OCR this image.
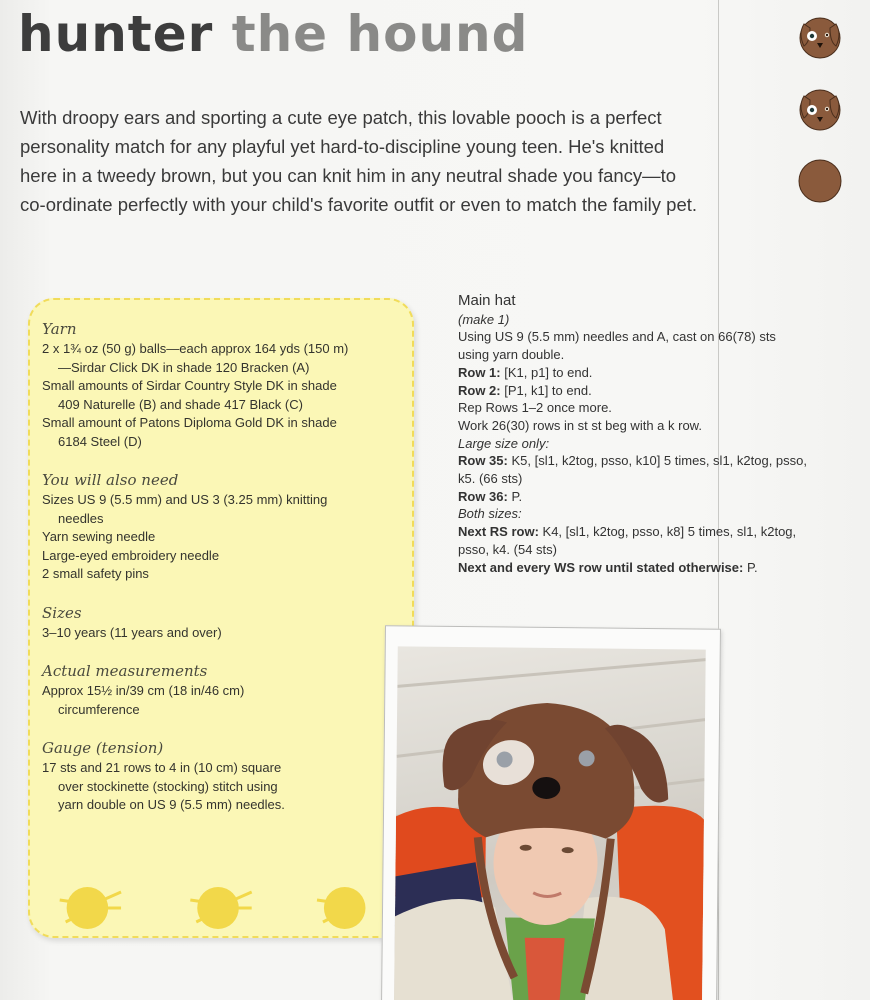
hunter the hound

With droopy ears and sporting a cute eye patch, this lovable pooch is a perfect personality match for any playful yet hard-to-discipline young teen. He's knitted here in a tweedy brown, but you can knit him in any neutral shade you fancy—to co-ordinate perfectly with your child's favorite outfit or even to match the family pet.

Yarn
2 x 1¾ oz (50 g) balls—each approx 164 yds (150 m)
—Sirdar Click DK in shade 120 Bracken (A)
Small amounts of Sirdar Country Style DK in shade
409 Naturelle (B) and shade 417 Black (C)
Small amount of Patons Diploma Gold DK in shade
6184 Steel (D)
You will also need
Sizes US 9 (5.5 mm) and US 3 (3.25 mm) knitting
needles
Yarn sewing needle
Large-eyed embroidery needle
2 small safety pins
Sizes
3–10 years (11 years and over)
Actual measurements
Approx 15½ in/39 cm (18 in/46 cm)
circumference
Gauge (tension)
17 sts and 21 rows to 4 in (10 cm) square
over stockinette (stocking) stitch using
yarn double on US 9 (5.5 mm) needles.
Main hat
(make 1)
Using US 9 (5.5 mm) needles and A, cast on 66(78) sts
using yarn double.
Row 1: [K1, p1] to end.
Row 2: [P1, k1] to end.
Rep Rows 1–2 once more.
Work 26(30) rows in st st beg with a k row.
Large size only:
Row 35: K5, [sl1, k2tog, psso, k10] 5 times, sl1, k2tog, psso,
k5. (66 sts)
Row 36: P.
Both sizes:
Next RS row: K4, [sl1, k2tog, psso, k8] 5 times, sl1, k2tog,
psso, k4. (54 sts)
Next and every WS row until stated otherwise: P.
